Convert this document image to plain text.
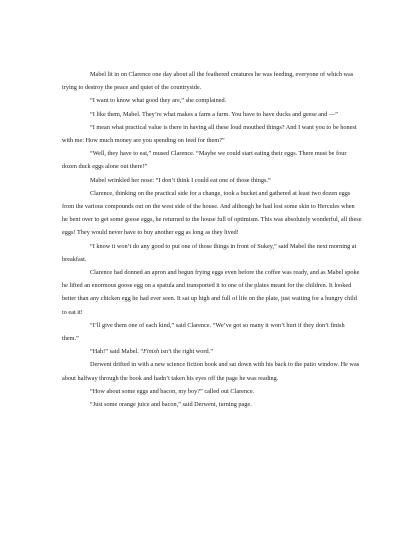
Mabel lit in on Clarence one day about all the feathered creatures he was feeding, everyone of which was trying to destroy the peace and quiet of the countryside.

“I want to know what good they are,” she complained.

“I like them, Mabel. They’re what makes a farm a farm. You have to have ducks and geese and —”

“I mean what practical value is there in having all these loud mouthed things? And I want you to be honest with me: How much money are you spending on feed for them?”

“Well, they have to eat,” mused Clarence. “Maybe we could start eating their eggs. There must be four dozen duck eggs alone out there!”

Mabel wrinkled her nose: “I don’t think I could eat one of those things.”

Clarence, thinking on the practical side for a change, took a bucket and gathered at least two dozen eggs from the various compounds out on the west side of the house. And although he had lost some skin to Hercules when he bent over to get some goose eggs, he returned to the house full of optimism. This was absolutely wonderful, all these eggs! They would never have to buy another egg as long as they lived!

“I know it won’t do any good to put one of those things in front of Sukey,” said Mabel the next morning at breakfast.

Clarence had donned an apron and begun frying eggs even before the coffee was ready, and as Mabel spoke he lifted an enormous goose egg on a spatula and transported it to one of the plates meant for the children. It looked better than any chicken egg he had ever seen. It sat up high and full of life on the plate, just waiting for a hungry child to eat it!

“I’ll give them one of each kind,” said Clarence. “We’ve got so many it won’t hurt if they don’t finish them.”

“Hah!” said Mabel. “Finish isn’t the right word.”

Derwent drifted in with a new science fiction book and sat down with his back to the patio window. He was about halfway through the book and hadn’t taken his eyes off the page he was reading.

“How about some eggs and bacon, my boy?” called out Clarence.

“Just some orange juice and bacon,” said Derwent, turning page.
